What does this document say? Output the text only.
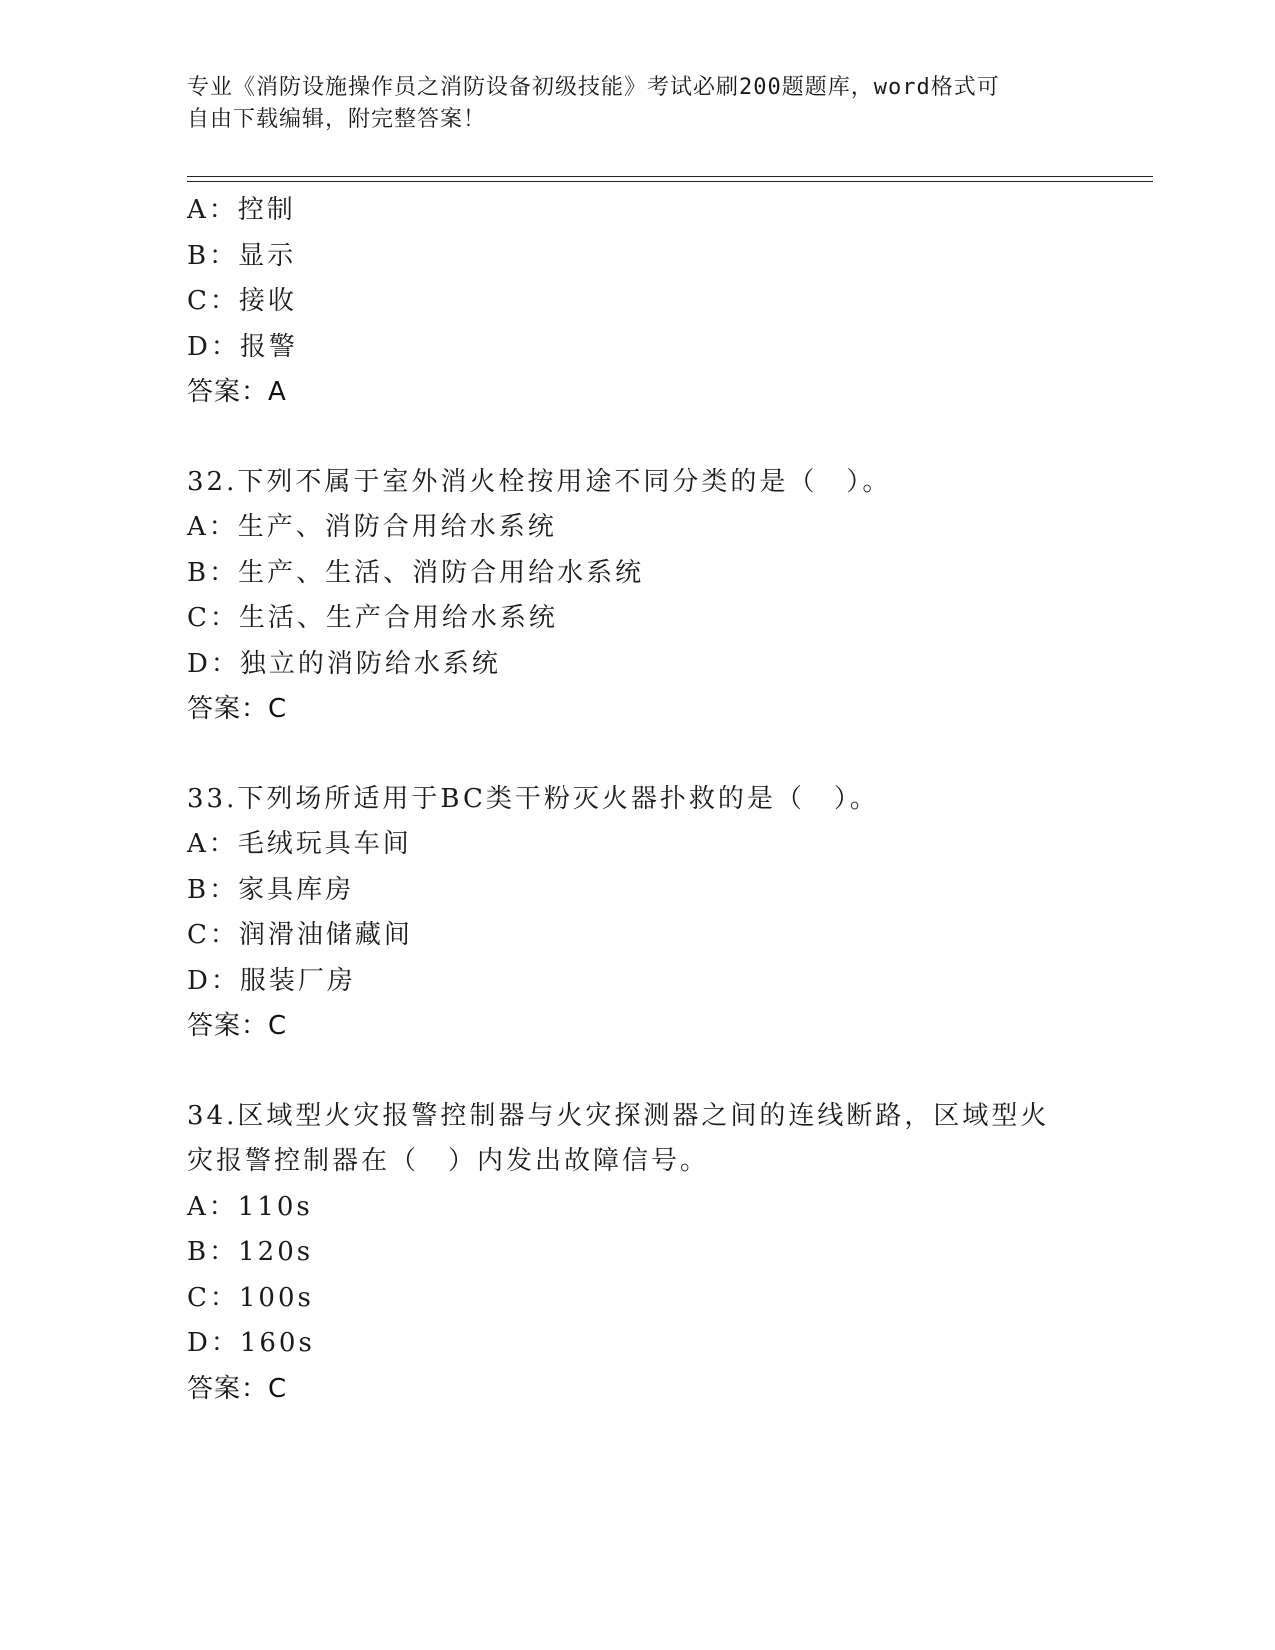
专业《消防设施操作员之消防设备初级技能》考试必刷200题题库，word格式可
自由下载编辑，附完整答案！
A：控制
B：显示
C：接收
D：报警
答案：A
32.下列不属于室外消火栓按用途不同分类的是（　）。
A：生产、消防合用给水系统
B：生产、生活、消防合用给水系统
C：生活、生产合用给水系统
D：独立的消防给水系统
答案：C
33.下列场所适用于BC类干粉灭火器扑救的是（　）。
A：毛绒玩具车间
B：家具库房
C：润滑油储藏间
D：服装厂房
答案：C
34.区域型火灾报警控制器与火灾探测器之间的连线断路，区域型火灾报警控制器在（　）内发出故障信号。
A：110s
B：120s
C：100s
D：160s
答案：C
